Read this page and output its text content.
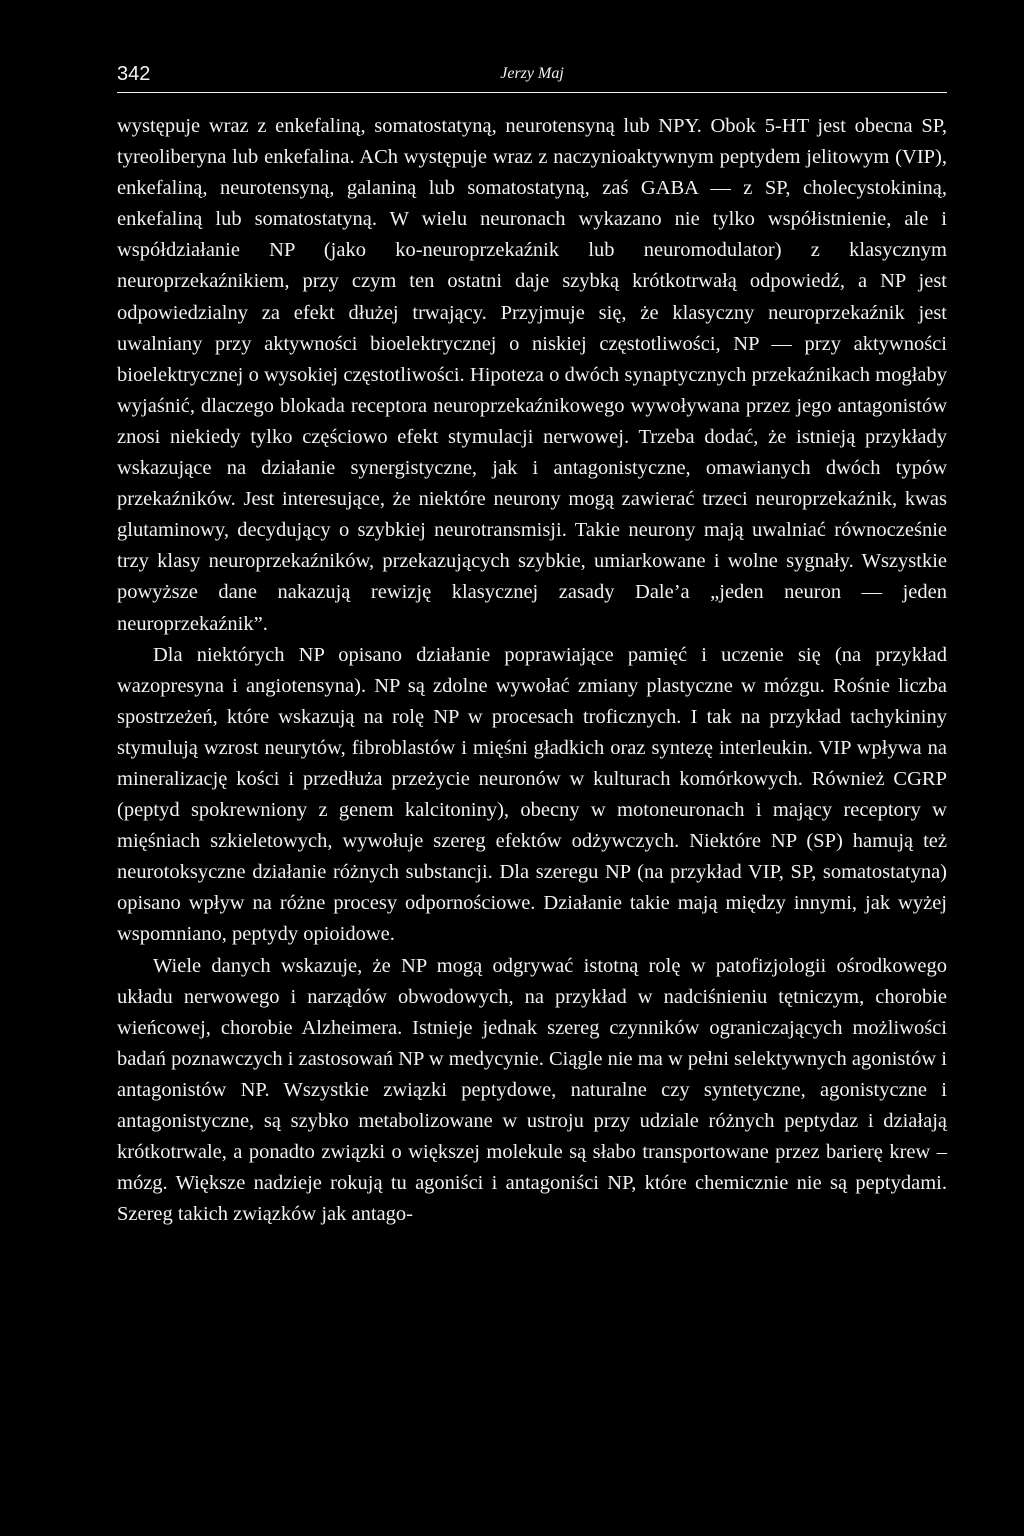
342	Jerzy Maj

występuje wraz z enkefaliną, somatostatyną, neurotensyną lub NPY. Obok 5-HT jest obecna SP, tyreoliberyna lub enkefalina. ACh występuje wraz z naczynioaktywnym peptydem jelitowym (VIP), enkefaliną, neurotensyną, galaniną lub somatostatyną, zaś GABA — z SP, cholecystokininą, enkefaliną lub somatostatyną. W wielu neuronach wykazano nie tylko współistnienie, ale i współdziałanie NP (jako ko-neuroprzekaźnik lub neuromodulator) z klasycznym neuroprzekaźnikiem, przy czym ten ostatni daje szybką krótkotrwałą odpowiedź, a NP jest odpowiedzialny za efekt dłużej trwający. Przyjmuje się, że klasyczny neuroprzekaźnik jest uwalniany przy aktywności bioelektrycznej o niskiej częstotliwości, NP — przy aktywności bioelektrycznej o wysokiej częstotliwości. Hipoteza o dwóch synaptycznych przekaźnikach mogłaby wyjaśnić, dlaczego blokada receptora neuroprzekaźnikowego wywoływana przez jego antagonistów znosi niekiedy tylko częściowo efekt stymulacji nerwowej. Trzeba dodać, że istnieją przykłady wskazujące na działanie synergistyczne, jak i antagonistyczne, omawianych dwóch typów przekaźników. Jest interesujące, że niektóre neurony mogą zawierać trzeci neuroprzekaźnik, kwas glutaminowy, decydujący o szybkiej neurotransmisji. Takie neurony mają uwalniać równocześnie trzy klasy neuroprzekaźników, przekazujących szybkie, umiarkowane i wolne sygnały. Wszystkie powyższe dane nakazują rewizję klasycznej zasady Dale’a „jeden neuron — jeden neuroprzekaźnik”.

Dla niektórych NP opisano działanie poprawiające pamięć i uczenie się (na przykład wazopresyna i angiotensyna). NP są zdolne wywołać zmiany plastyczne w mózgu. Rośnie liczba spostrzeżeń, które wskazują na rolę NP w procesach troficznych. I tak na przykład tachykininy stymulują wzrost neurytów, fibroblastów i mięśni gładkich oraz syntezę interleukin. VIP wpływa na mineralizację kości i przedłuża przeżycie neuronów w kulturach komórkowych. Również CGRP (peptyd spokrewniony z genem kalcitoniny), obecny w motoneuronach i mający receptory w mięśniach szkieletowych, wywołuje szereg efektów odżywczych. Niektóre NP (SP) hamują też neurotoksyczne działanie różnych substancji. Dla szeregu NP (na przykład VIP, SP, somatostatyna) opisano wpływ na różne procesy odpornościowe. Działanie takie mają między innymi, jak wyżej wspomniano, peptydy opioidowe.

Wiele danych wskazuje, że NP mogą odgrywać istotną rolę w patofizjologii ośrodkowego układu nerwowego i narządów obwodowych, na przykład w nadciśnieniu tętniczym, chorobie wieńcowej, chorobie Alzheimera. Istnieje jednak szereg czynników ograniczających możliwości badań poznawczych i zastosowań NP w medycynie. Ciągle nie ma w pełni selektywnych agonistów i antagonistów NP. Wszystkie związki peptydowe, naturalne czy syntetyczne, agonistyczne i antagonistyczne, są szybko metabolizowane w ustroju przy udziale różnych peptydaz i działają krótkotrwale, a ponadto związki o większej molekule są słabo transportowane przez barierę krew – mózg. Większe nadzieje rokują tu agoniści i antagoniści NP, które chemicznie nie są peptydami. Szereg takich związków jak antago-
